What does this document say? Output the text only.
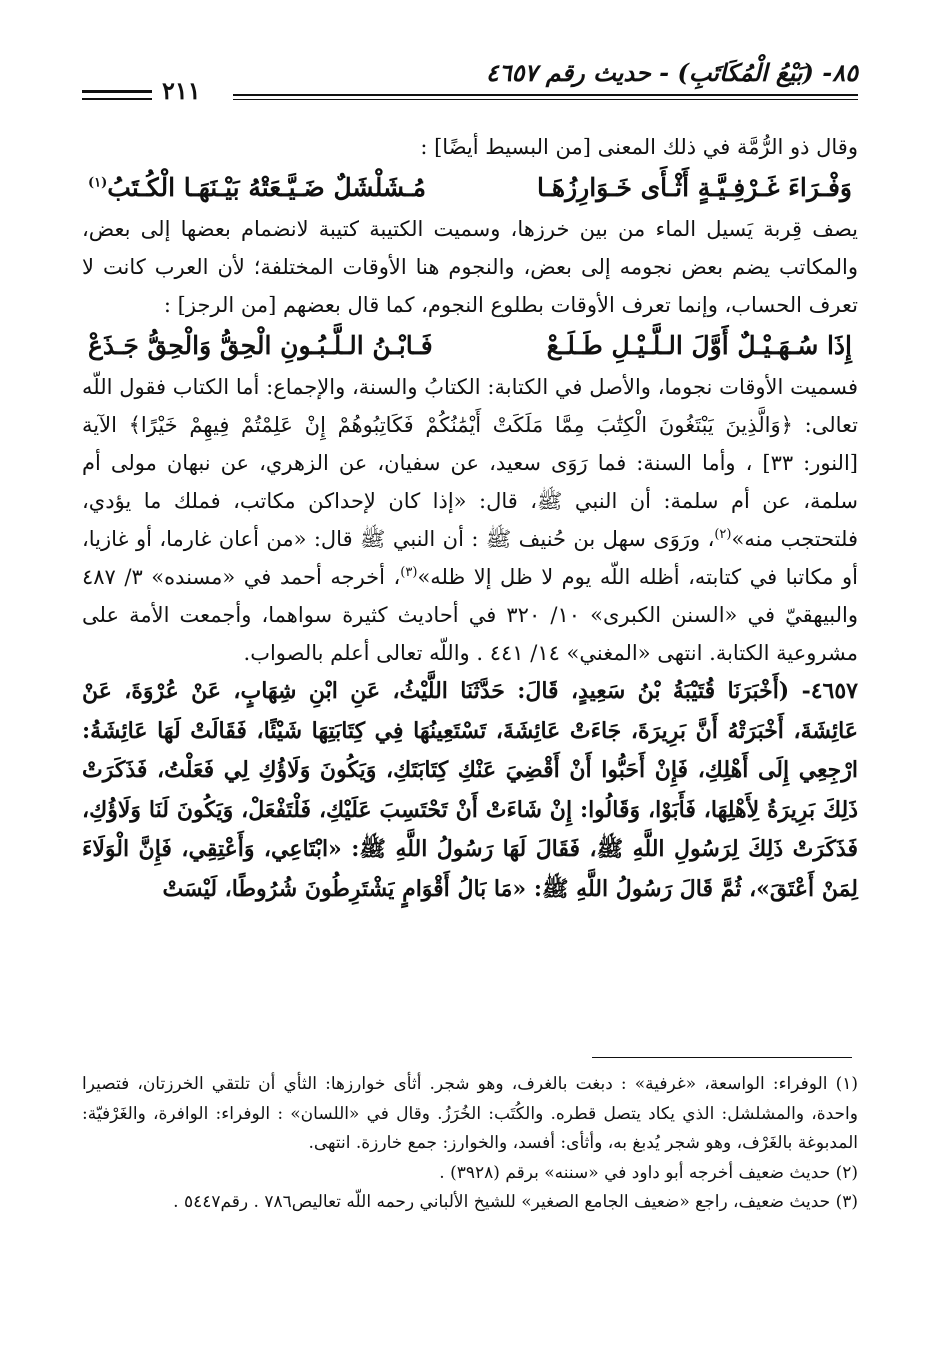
٨٥- (بَيْعُ الْمُكَاتَبِ) - حديث رقم ٤٦٥٧
٢١١

وقال ذو الرُّمَّة في ذلك المعنى [من البسيط أيضًا] :

وَفْـرَاءَ غَـرْفِـيَّـةٍ أَثْـأَى خَـوَارِزُهَـا
مُـشَلْشَلٌ ضَـيَّـعَتْهُ بَيْـنَهَـا الْكُـتَبُ$^{(١)}$

يصف قِربة يَسيل الماء من بين خرزها، وسميت الكتيبة كتيبة لانضمام بعضها إلى بعض، والمكاتب يضم بعض نجومه إلى بعض، والنجوم هنا الأوقات المختلفة؛ لأن العرب كانت لا تعرف الحساب، وإنما تعرف الأوقات بطلوع النجوم، كما قال بعضهم [من الرجز] :

إِذَا سُـهَـيْـلٌ أَوَّلَ الـلَّـيْـلِ طَـلَـعْ
فَـابْـنُ الـلَّـبُـونِ الْحِقُّ وَالْحِقُّ جَـذَعْ

فسميت الأوقات نجوما، والأصل في الكتابة: الكتابُ والسنة، والإجماع: أما الكتاب فقول اللّه تعالى: ﴿وَالَّذِينَ يَبْتَغُونَ الْكِتَٰبَ مِمَّا مَلَكَتْ أَيْمَٰنُكُمْ فَكَاتِبُوهُمْ إِنْ عَلِمْتُمْ فِيهِمْ خَيْرًا﴾ الآية [النور: ٣٣] ، وأما السنة: فما رَوَى سعيد، عن سفيان، عن الزهري، عن نبهان مولى أم سلمة، عن أم سلمة: أن النبي ﷺ، قال: «إذا كان لإحداكن مكاتب، فملك ما يؤدي، فلتحتجب منه»$^{(٢)}$، ورَوَى سهل بن حُنيف ﷺ : أن النبي ﷺ قال: «من أعان غارما، أو غازيا، أو مكاتبا في كتابته، أظله اللّه يوم لا ظل إلا ظله»$^{(٣)}$، أخرجه أحمد في «مسنده» ٣/ ٤٨٧ والبيهقيّ في «السنن الكبرى» ١٠/ ٣٢٠ في أحاديث كثيرة سواهما، وأجمعت الأمة على مشروعية الكتابة. انتهى «المغني» ١٤/ ٤٤١ . واللّه تعالى أعلم بالصواب.

٤٦٥٧- (أَخْبَرَنَا قُتَيْبَةُ بْنُ سَعِيدٍ، قَالَ: حَدَّثَنَا اللَّيْثُ، عَنِ ابْنِ شِهَابٍ، عَنْ عُرْوَةَ، عَنْ عَائِشَةَ، أَخْبَرَتْهُ أَنَّ بَرِيرَةَ، جَاءَتْ عَائِشَةَ، تَسْتَعِينُهَا فِي كِتَابَتِهَا شَيْئًا، فَقَالَتْ لَهَا عَائِشَةُ: ارْجِعِي إِلَى أَهْلِكِ، فَإِنْ أَحَبُّوا أَنْ أَقْضِيَ عَنْكِ كِتَابَتَكِ، وَيَكُونَ وَلَاؤُكِ لِي فَعَلْتُ، فَذَكَرَتْ ذَلِكَ بَرِيرَةُ لِأَهْلِهَا، فَأَبَوْا، وَقَالُوا: إِنْ شَاءَتْ أَنْ تَحْتَسِبَ عَلَيْكِ، فَلْتَفْعَلْ، وَيَكُونَ لَنَا وَلَاؤُكِ، فَذَكَرَتْ ذَلِكَ لِرَسُولِ اللَّهِ ﷺ، فَقَالَ لَهَا رَسُولُ اللَّهِ ﷺ: «ابْتَاعِي، وَأَعْتِقِي، فَإِنَّ الْوَلَاءَ لِمَنْ أَعْتَقَ»، ثُمَّ قَالَ رَسُولُ اللَّهِ ﷺ: «مَا بَالُ أَقْوَامٍ يَشْتَرِطُونَ شُرُوطًا، لَيْسَتْ

(١) الوفراء: الواسعة، «غرفية» : دبغت بالغرف، وهو شجر. أثأى خوارزها: الثأي أن تلتقي الخرزتان، فتصيرا واحدة، والمشلشل: الذي يكاد يتصل قطره. والكُتَب: الخُرَزُ. وقال في «اللسان» : الوفراء: الوافرة، والغَرْفيّة: المدبوغة بالغَرْف، وهو شجر يُدبغ به، وأثأى: أفسد، والخوارز: جمع خارزة. انتهى.

(٢) حديث ضعيف أخرجه أبو داود في «سننه» برقم (٣٩٢٨) .

(٣) حديث ضعيف، راجع «ضعيف الجامع الصغير» للشيخ الألباني رحمه اللّه تعاليص٧٨٦ . رقم٥٤٤٧ .
